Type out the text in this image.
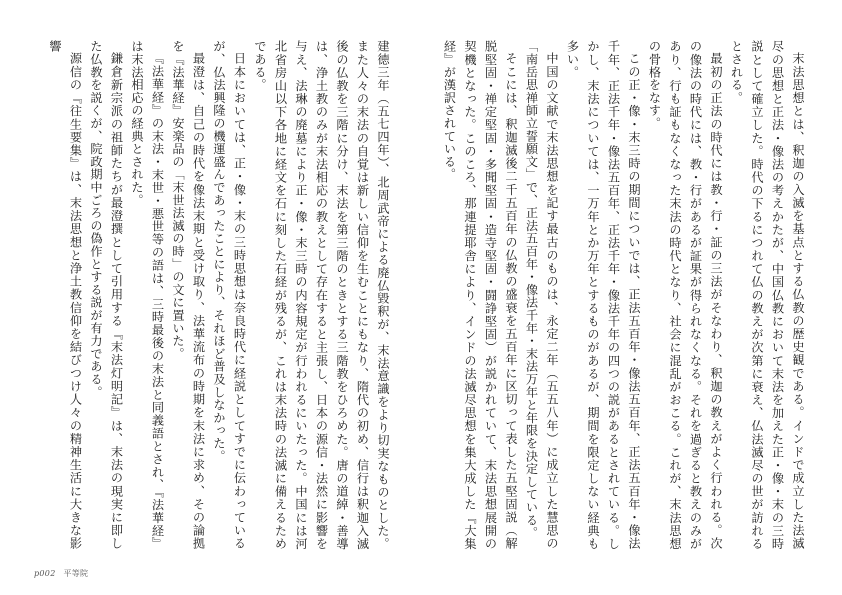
建徳三年（五七四年）、北周武帝による廃仏毀釈が、末法意識をより切実なものとした。また人々の末法の自覚は新しい信仰を生むことにもなり、隋代の初め、信行は釈迦入滅後の仏教を三階に分け、末法を第三階のときとする三階教をひろめた。唐の道綽・善導は、浄土教のみが末法相応の教えとして存在すると主張し、日本の源信・法然に影響を与え、法琳の廃墓により正・像・末三時の内容規定が行われるにいたった。中国には河北省房山以下各地に経文を石に刻した石経が残るが、これは末法時の法滅に備えるためである。

日本においては、正・像・末の三時思想は奈良時代に経説としてすでに伝わっているが、仏法興隆の機運盛んであったことにより、それほど普及しなかった。

最澄は、自己の時代を像法末期と受け取り、法華流布の時期を末法に求め、その論拠を『法華経』安楽品の「末世法滅の時」の文に置いた。

『法華経』の末法・末世・悪世等の語は、三時最後の末法と同義語とされ、『法華経』は末法相応の経典とされた。

鎌倉新宗派の祖師たちが最澄撰として引用する『末法灯明記』は、末法の現実に即した仏教を説くが、院政期中ごろの偽作とする説が有力である。

源信の『往生要集』は、末法思想と浄土教信仰を結びつけ人々の精神生活に大きな影響

p002 平等院

末法思想とは、釈迦の入滅を基点とする仏教の歴史観である。インドで成立した法滅尽の思想と正法・像法の考えかたが、中国仏教において末法を加えた正・像・末の三時説として確立した。時代の下るにつれて仏の教えが次第に衰え、仏法滅尽の世が訪れるとされる。

最初の正法の時代には教・行・証の三法がそなわり、釈迦の教えがよく行われる。次の像法の時代には、教・行があるが証果が得られなくなる。それを過ぎると教えのみがあり、行も証もなくなった末法の時代となり、社会に混乱がおこる。これが、末法思想の骨格をなす。

この正・像・末三時の期間についでは、正法五百年・像法五百年、正法五百年・像法千年、正法千年・像法五百年、正法千年・像法千年の四つの説があるとされている。しかし、末法については、一万年とか万年とするものがあるが、期間を限定しない経典も多い。

中国の文献で末法思想を記す最古のものは、永定二年（五五八年）に成立した慧思の「南岳思禅師立誓願文」で、正法五百年・像法千年・末法万年と年限を決定している。

そこには、釈迦滅後二千五百年の仏教の盛衰を五百年に区切って表した五堅固説（解脱堅固・禅定堅固・多聞堅固・造寺堅固・闘諍堅固）が説かれていて、末法思想展開の契機となった。このころ、那連提耶舎により、インドの法滅尽思想を集大成した『大集経』が漢訳されている。
